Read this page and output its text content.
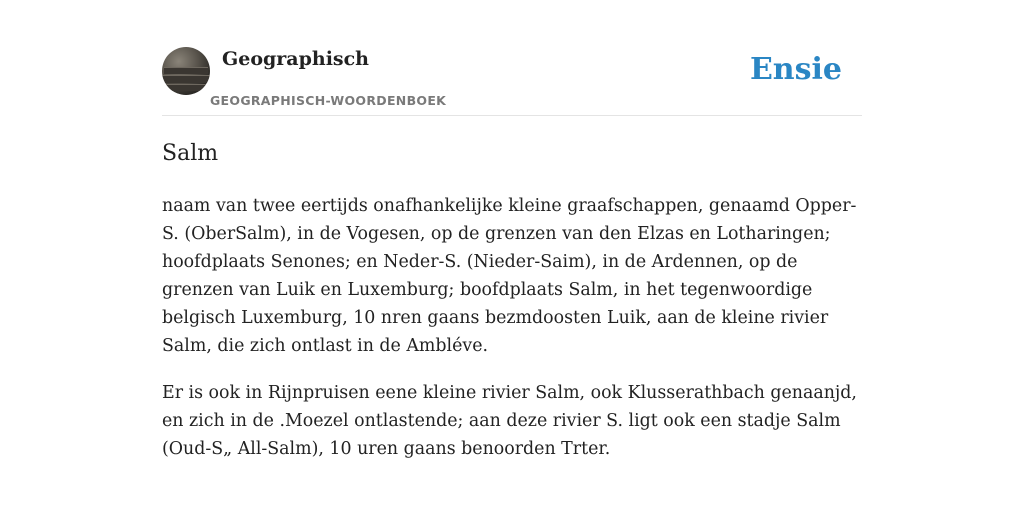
Geographisch
GEOGRAPHISCH-WOORDENBOEK
Ensie
Salm

naam van twee eertijds onafhankelijke kleine graafschappen, genaamd Opper-S. (OberSalm), in de Vogesen, op de grenzen van den Elzas en Lotharingen; hoofdplaats Senones; en Neder-S. (Nieder-Saim), in de Ardennen, op de grenzen van Luik en Luxemburg; boofdplaats Salm, in het tegenwoordige belgisch Luxemburg, 10 nren gaans bezmdoosten Luik, aan de kleine rivier Salm, die zich ontlast in de Ambléve.

Er is ook in Rijnpruisen eene kleine rivier Salm, ook Klusserathbach genaanjd, en zich in de .Moezel ontlastende; aan deze rivier S. ligt ook een stadje Salm (Oud-S„ All-Salm), 10 uren gaans benoorden Trter.
